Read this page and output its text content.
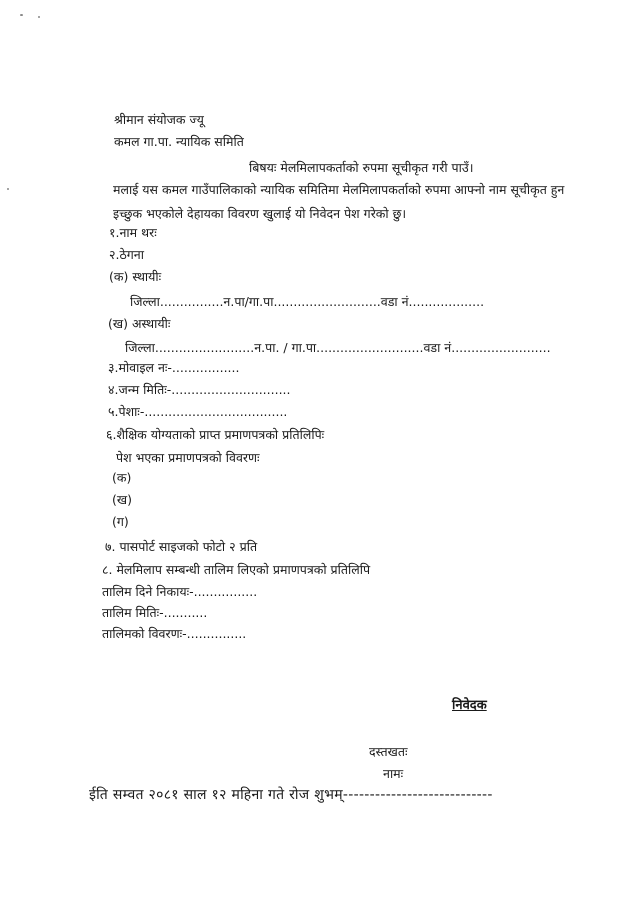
श्रीमान संयोजक ज्यू
कमल गा.पा. न्यायिक समिति
बिषयः मेलमिलापकर्ताको रुपमा सूचीकृत गरी पाउँ।
मलाई यस कमल गाउँपालिकाको न्यायिक समितिमा मेलमिलापकर्ताको रुपमा आफ्नो नाम सूचीकृत हुन
इच्छुक भएकोले देहायका विवरण खुलाई यो निवेदन पेश गरेको छु।
१.नाम थरः
२.ठेगना
(क) स्थायीः
जिल्ला................न.पा/गा.पा...........................वडा नं...................
(ख) अस्थायीः
जिल्ला.........................न.पा. / गा.पा...........................वडा नं.........................
३.मोवाइल नः-.................
४.जन्म मितिः-..............................
५.पेशाः-....................................
६.शैक्षिक योग्यताको प्राप्त प्रमाणपत्रको प्रतिलिपिः
पेश भएका प्रमाणपत्रको विवरणः
(क)
(ख)
(ग)
७. पासपोर्ट साइजको फोटो २ प्रति
८. मेलमिलाप सम्बन्धी तालिम लिएको प्रमाणपत्रको प्रतिलिपि
तालिम दिने निकायः-................
तालिम मितिः-...........
तालिमको विवरणः-...............
निवेदक
दस्तखतः
नामः
ईति सम्वत २०८१ साल १२ महिना गते रोज शुभम्----------------------------
